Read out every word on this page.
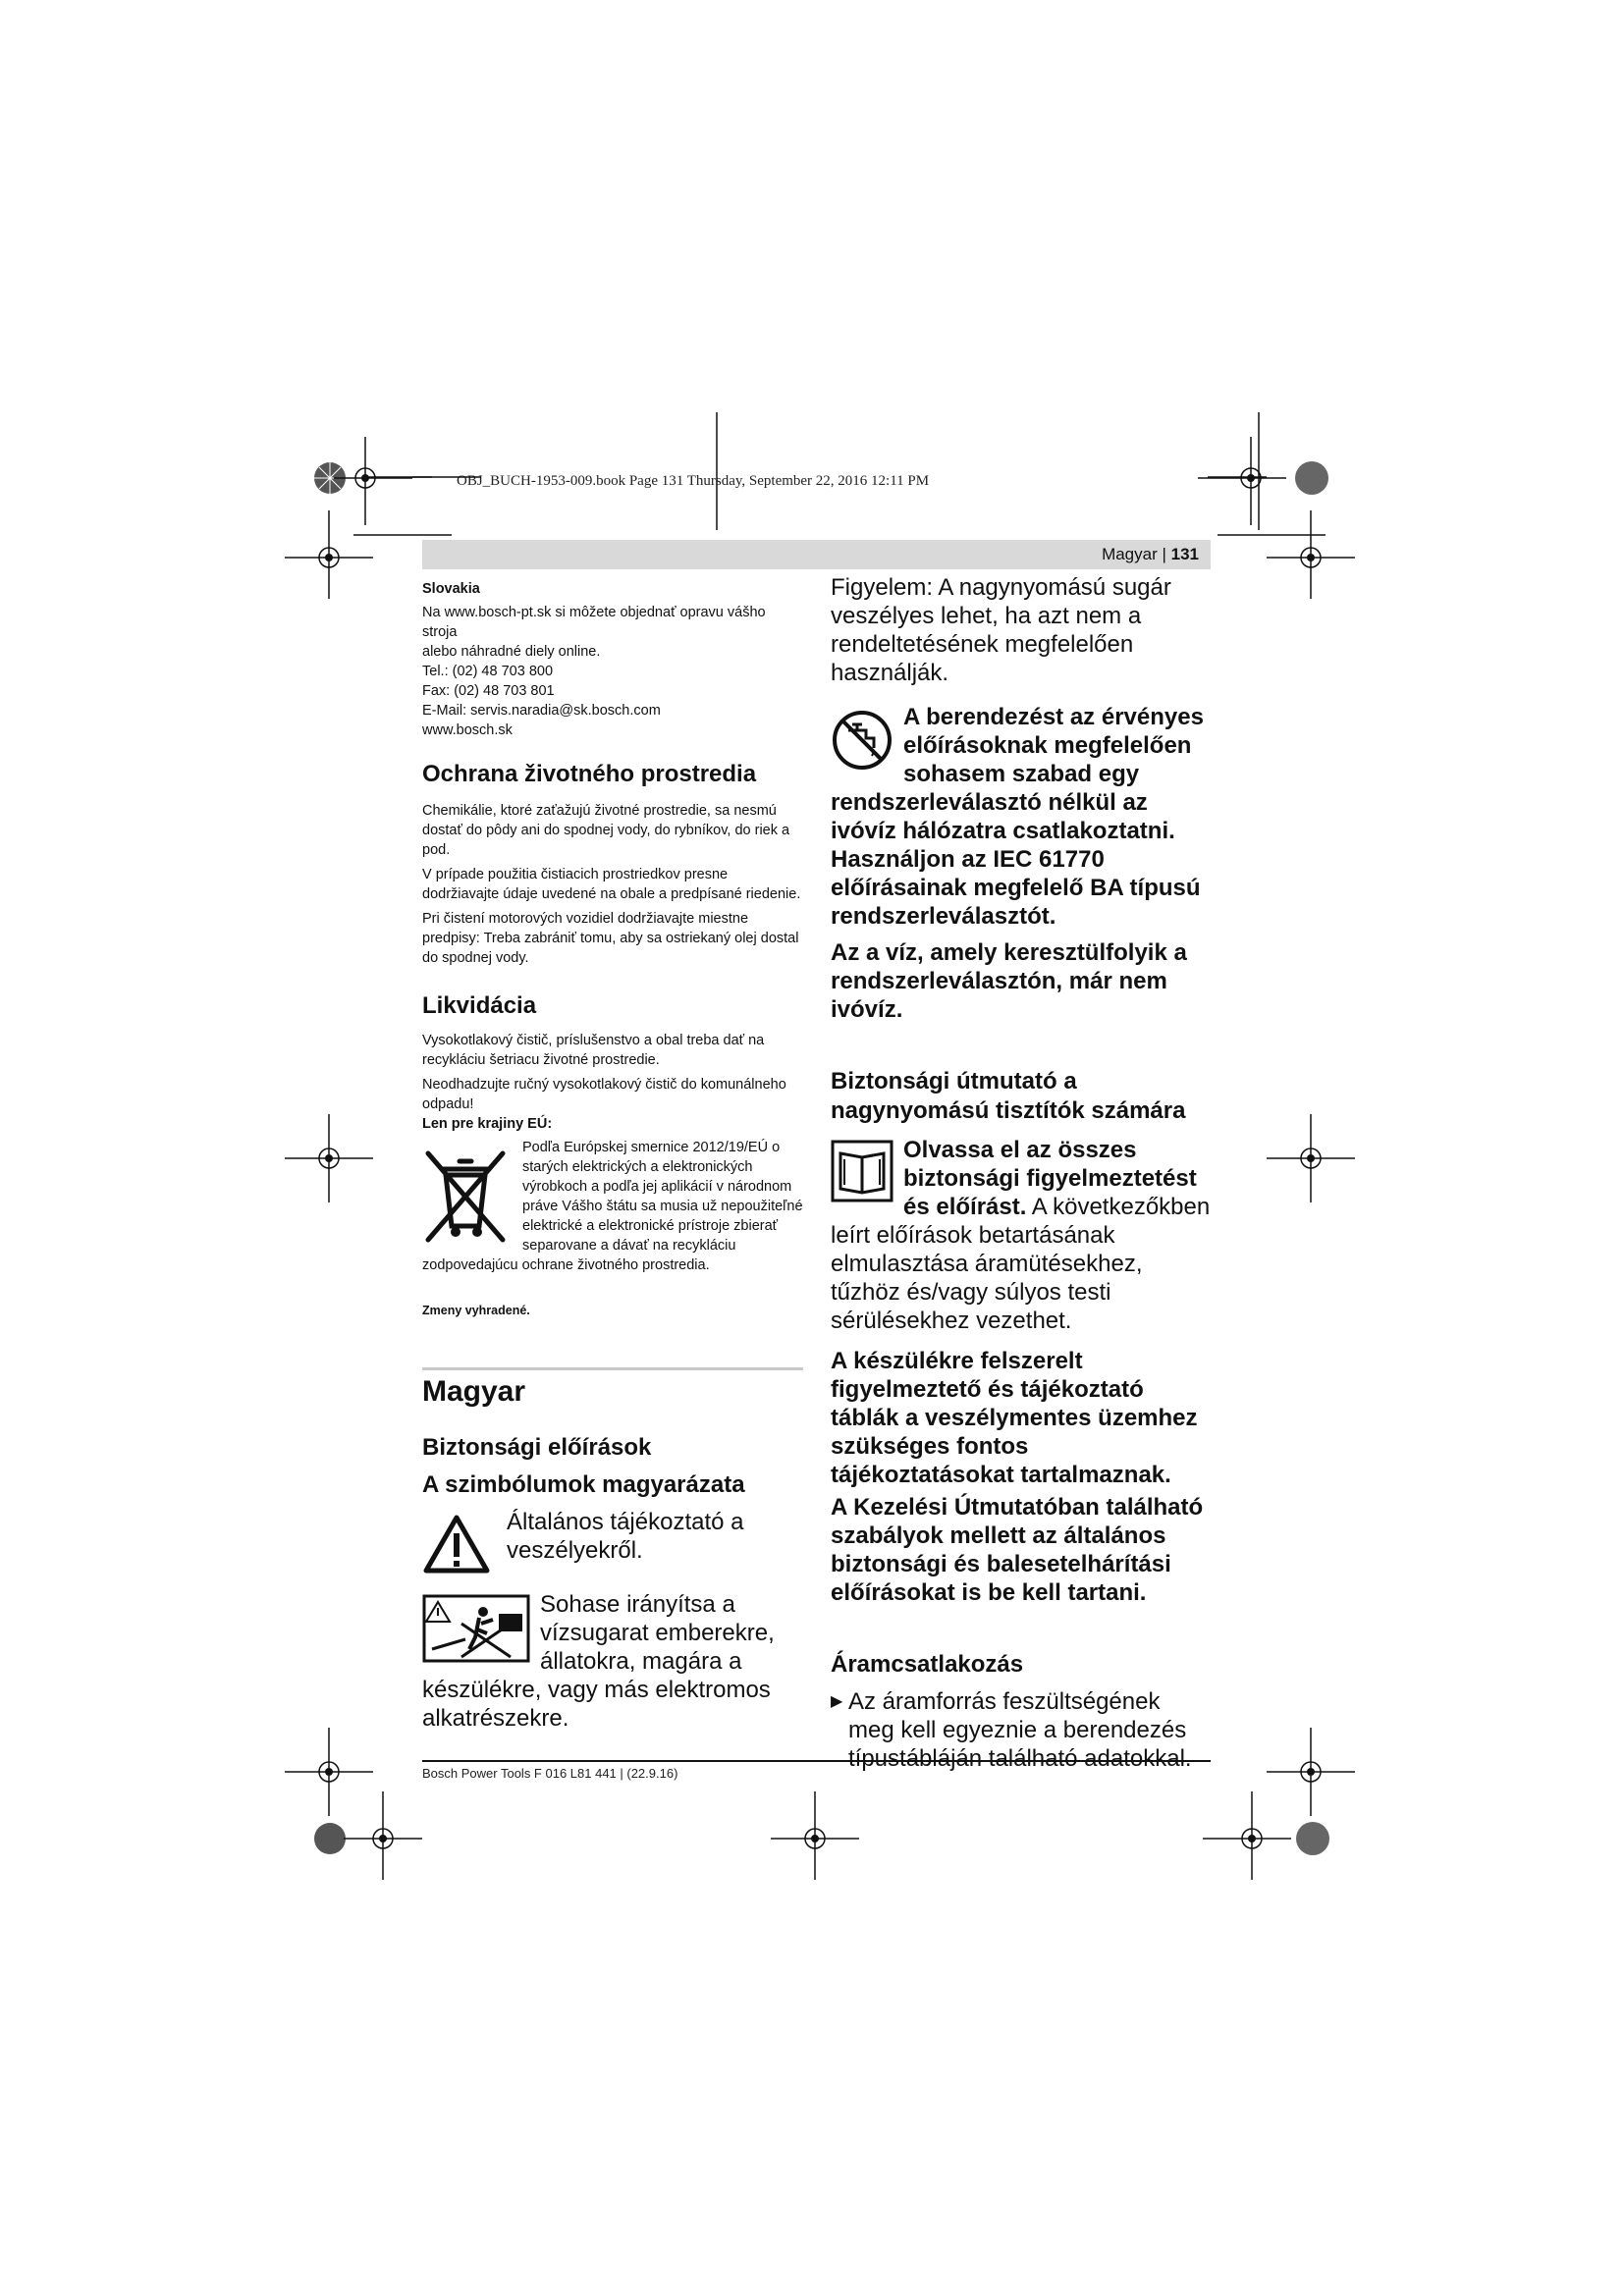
OBJ_BUCH-1953-009.book Page 131 Thursday, September 22, 2016 12:11 PM
Magyar | 131

Slovakia

Na www.bosch-pt.sk si môžete objednať opravu vášho stroja

alebo náhradné diely online.

Tel.: (02) 48 703 800

Fax: (02) 48 703 801

E-Mail: servis.naradia@sk.bosch.com

www.bosch.sk

Ochrana životného prostredia

Chemikálie, ktoré zaťažujú životné prostredie, sa nesmú dostať do pôdy ani do spodnej vody, do rybníkov, do riek a pod.

V prípade použitia čistiacich prostriedkov presne dodržiavajte údaje uvedené na obale a predpísané riedenie.

Pri čistení motorových vozidiel dodržiavajte miestne predpisy: Treba zabrániť tomu, aby sa ostriekaný olej dostal do spodnej vody.

Likvidácia

Vysokotlakový čistič, príslušenstvo a obal treba dať na recykláciu šetriacu životné prostredie.

Neodhadzujte ručný vysokotlakový čistič do komunálneho odpadu!

Len pre krajiny EÚ:

Podľa Európskej smernice 2012/19/EÚ o starých elektrických a elektronických výrobkoch a podľa jej aplikácií v národnom práve Vášho štátu sa musia už nepoužiteľné elektrické a elektronické prístroje zbierať separovane a dávať na recykláciu zodpovedajúcu ochrane životného prostredia.

Zmeny vyhradené.

Magyar

Biztonsági előírások

A szimbólumok magyarázata

Általános tájékoztató a veszélyekről.

Sohase irányítsa a vízsugarat emberekre, állatokra, magára a készülékre, vagy más elektromos alkatrészekre.

Figyelem: A nagynyomású sugár veszélyes lehet, ha azt nem a rendeltetésének megfelelően használják.

A berendezést az érvényes előírásoknak megfelelően sohasem szabad egy rendszerleválasztó nélkül az ivóvíz hálózatra csatlakoztatni. Használjon az IEC 61770 előírásainak megfelelő BA típusú rendszerleválasztót.

Az a víz, amely keresztülfolyik a rendszerleválasztón, már nem ivóvíz.

Biztonsági útmutató a nagynyomású tisztítók számára

Olvassa el az összes biztonsági figyelmeztetést és előírást. A következőkben leírt előírások betartásának elmulasztása áramütésekhez, tűzhöz és/vagy súlyos testi sérülésekhez vezethet.

A készülékre felszerelt figyelmeztető és tájékoztató táblák a veszélymentes üzemhez szükséges fontos tájékoztatásokat tartalmaznak.

A Kezelési Útmutatóban található szabályok mellett az általános biztonsági és balesetelhárítási előírásokat is be kell tartani.

Áramcsatlakozás

▶ Az áramforrás feszültségének meg kell egyeznie a berendezés típustábláján található adatokkal.

Bosch Power Tools F 016 L81 441 | (22.9.16)
